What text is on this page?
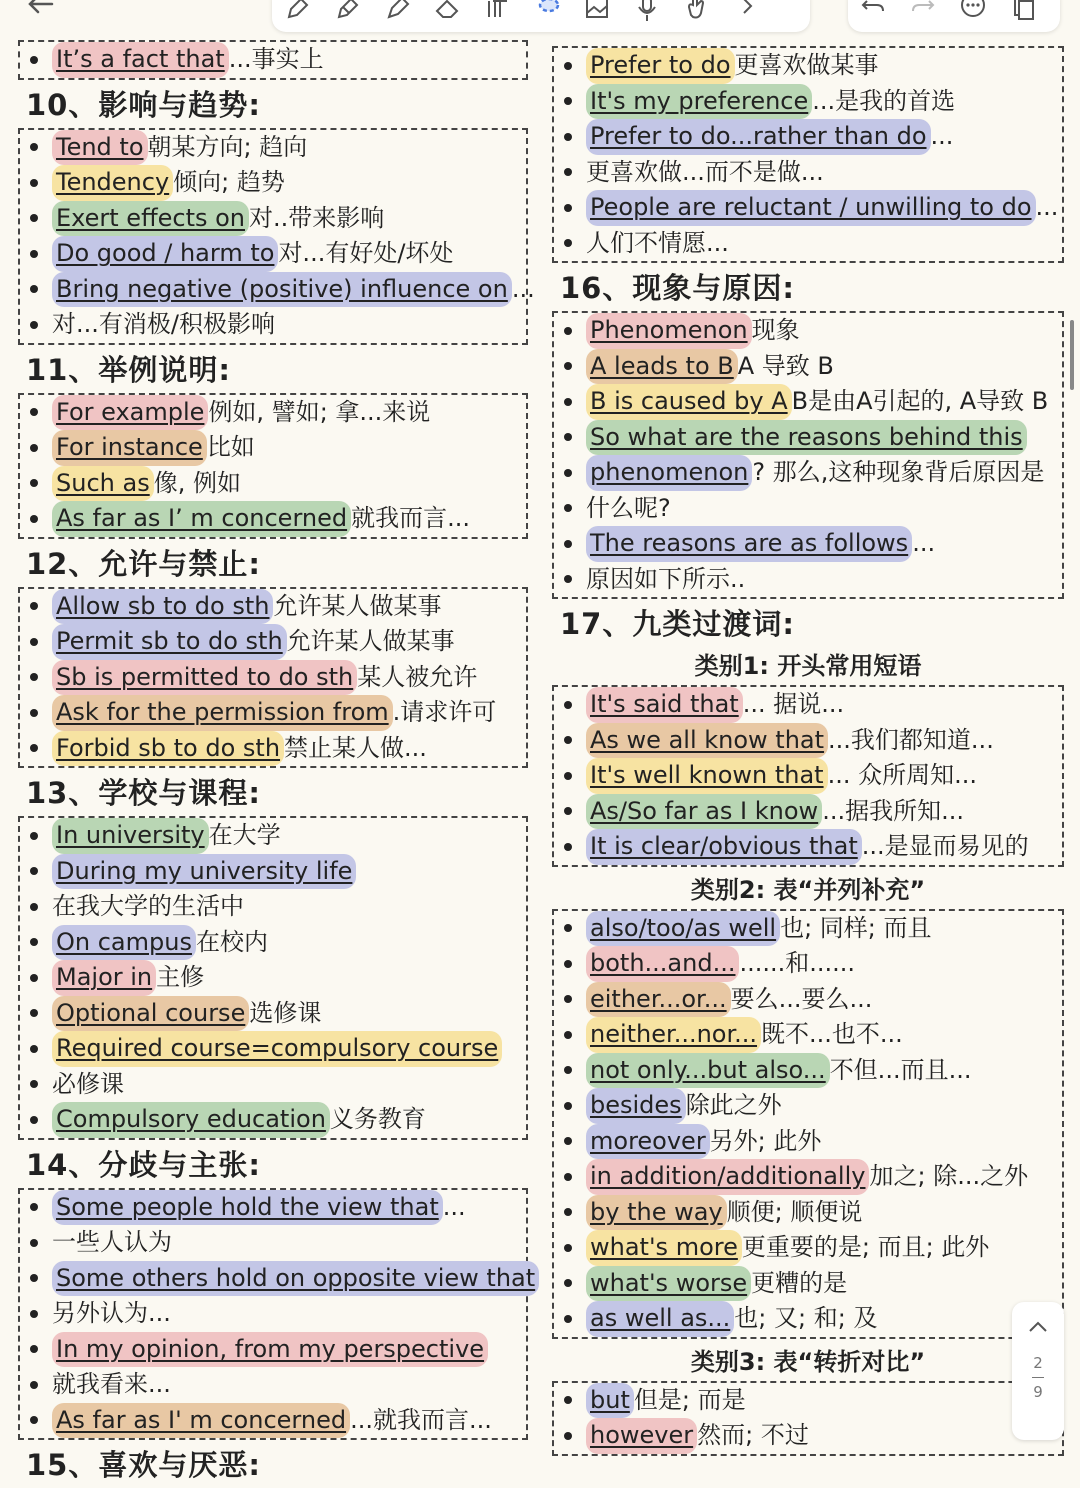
It’s a fact that ...事实上
10、影响与趋势:
Tend to 朝某方向; 趋向
Tendency 倾向; 趋势
Exert effects on 对..带来影响
Do good / harm to 对...有好处/坏处
Bring negative (positive) influence on ...
对...有消极/积极影响
11、举例说明:
For example 例如, 譬如; 拿...来说
For instance 比如
Such as 像, 例如
As far as I’ m concerned 就我而言...
12、允许与禁止:
Allow sb to do sth 允许某人做某事
Permit sb to do sth 允许某人做某事
Sb is permitted to do sth 某人被允许
Ask for the permission from .请求许可
Forbid sb to do sth 禁止某人做...
13、学校与课程:
In university 在大学
During my university life
在我大学的生活中
On campus 在校内
Major in 主修
Optional course 选修课
Required course=compulsory course
必修课
Compulsory education 义务教育
14、分歧与主张:
Some people hold the view that ...
一些人认为
Some others hold on opposite view that
另外认为...
In my opinion, from my perspective
就我看来...
As far as I' m concerned ...就我而言...
15、喜欢与厌恶:
Prefer to do 更喜欢做某事
It's my preference ...是我的首选
Prefer to do...rather than do ...
更喜欢做...而不是做...
People are reluctant / unwilling to do ...
人们不情愿...
16、现象与原因:
Phenomenon 现象
A leads to B A 导致 B
B is caused by A B是由A引起的, A导致 B
So what are the reasons behind this
phenomenon ? 那么,这种现象背后原因是
什么呢?
The reasons are as follows ...
原因如下所示..
17、九类过渡词:
类别1: 开头常用短语
It's said that ... 据说...
As we all know that ...我们都知道...
It's well known that ... 众所周知...
As/So far as I know ...据我所知...
It is clear/obvious that ...是显而易见的
类别2: 表“并列补充”
also/too/as well 也; 同样; 而且
both...and... ......和......
either...or... 要么...要么...
neither...nor... 既不...也不...
not only...but also... 不但...而且...
besides 除此之外
moreover 另外; 此外
in addition/additionally 加之; 除...之外
by the way 顺便; 顺便说
what's more 更重要的是; 而且; 此外
what's worse 更糟的是
as well as... 也; 又; 和; 及
类别3: 表“转折对比”
but 但是; 而是
however 然而; 不过
2
9
